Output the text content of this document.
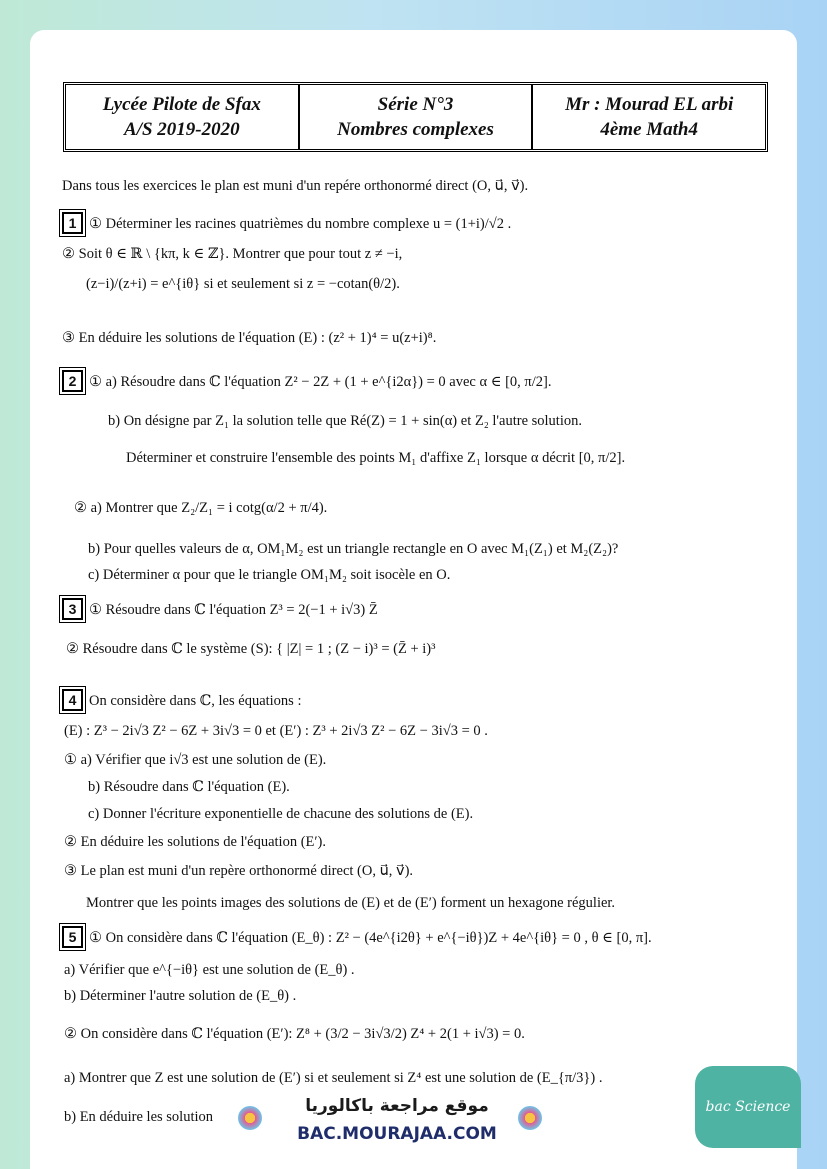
Lycée Pilote de Sfax
A/S 2019-2020
Série N°3
Nombres complexes
Mr : Mourad EL arbi
4ème Math4
Dans tous les exercices le plan est muni d'un repére orthonormé direct (O, u⃗, v⃗).
1 ① Déterminer les racines quatrièmes du nombre complexe u = (1+i)/√2 .
② Soit θ ∈ ℝ \ {kπ, k ∈ ℤ}. Montrer que pour tout z ≠ −i,
(z−i)/(z+i) = e^{iθ} si et seulement si z = −cotan(θ/2).
③ En déduire les solutions de l'équation (E) : (z² + 1)⁴ = u(z+i)⁸.
2 ① a) Résoudre dans ℂ l'équation Z² − 2Z + (1 + e^{i2α}) = 0 avec α ∈ [0, π/2].
b) On désigne par Z₁ la solution telle que Ré(Z) = 1 + sin(α) et Z₂ l'autre solution.
Déterminer et construire l'ensemble des points M₁ d'affixe Z₁ lorsque α décrit [0, π/2].
② a) Montrer que Z₂/Z₁ = i cotg(α/2 + π/4).
b) Pour quelles valeurs de α, OM₁M₂ est un triangle rectangle en O avec M₁(Z₁) et M₂(Z₂)?
c) Déterminer α pour que le triangle OM₁M₂ soit isocèle en O.
3 ① Résoudre dans ℂ l'équation Z³ = 2(−1 + i√3) Z̄
② Résoudre dans ℂ le système (S): { |Z| = 1 ; (Z − i)³ = (Z̄ + i)³
4 On considère dans ℂ, les équations :
(E) : Z³ − 2i√3 Z² − 6Z + 3i√3 = 0 et (E′) : Z³ + 2i√3 Z² − 6Z − 3i√3 = 0 .
① a) Vérifier que i√3 est une solution de (E).
b) Résoudre dans ℂ l'équation (E).
c) Donner l'écriture exponentielle de chacune des solutions de (E).
② En déduire les solutions de l'équation (E′).
③ Le plan est muni d'un repère orthonormé direct (O, u⃗, v⃗).
Montrer que les points images des solutions de (E) et de (E′) forment un hexagone régulier.
5 ① On considère dans ℂ l'équation (E_θ) : Z² − (4e^{i2θ} + e^{−iθ})Z + 4e^{iθ} = 0 , θ ∈ [0, π].
a) Vérifier que e^{−iθ} est une solution de (E_θ) .
b) Déterminer l'autre solution de (E_θ) .
② On considère dans ℂ l'équation (E′): Z⁸ + (3/2 − 3i√3/2) Z⁴ + 2(1 + i√3) = 0.
a) Montrer que Z est une solution de (E′) si et seulement si Z⁴ est une solution de (E_{π/3}) .
b) En déduire les solution
موقع مراجعة باكالوريا
BAC.MOURAJAA.COM
bac Science
